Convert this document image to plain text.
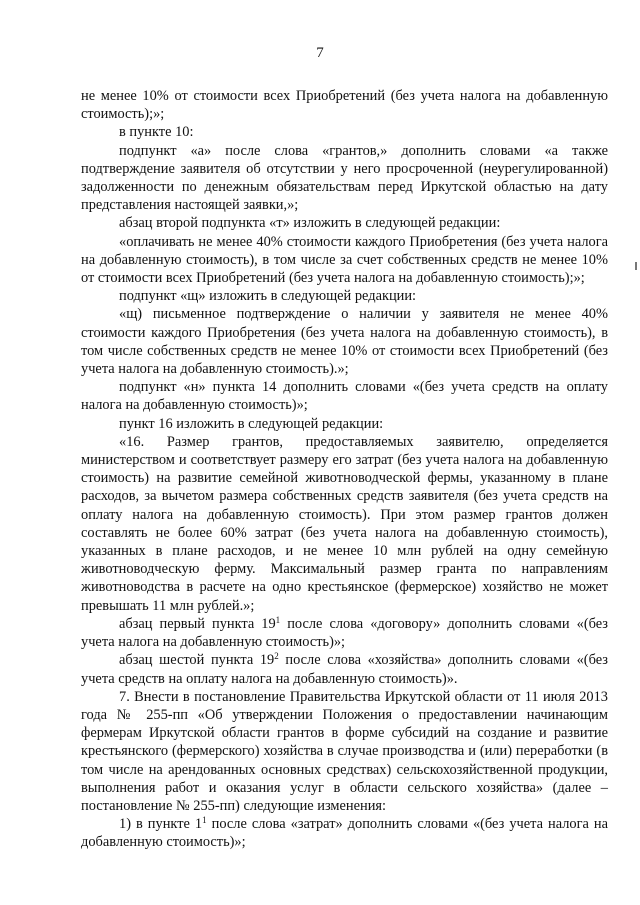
7

не менее 10% от стоимости всех Приобретений (без учета налога на добавленную стоимость);»;

в пункте 10:

подпункт «а» после слова «грантов,» дополнить словами «а также подтверждение заявителя об отсутствии у него просроченной (неурегулированной) задолженности по денежным обязательствам перед Иркутской областью на дату представления настоящей заявки,»;

абзац второй подпункта «т» изложить в следующей редакции:

«оплачивать не менее 40% стоимости каждого Приобретения (без учета налога на добавленную стоимость), в том числе за счет собственных средств не менее 10% от стоимости всех Приобретений (без учета налога на добавленную стоимость);»;

подпункт «щ» изложить в следующей редакции:

«щ) письменное подтверждение о наличии у заявителя не менее 40% стоимости каждого Приобретения (без учета налога на добавленную стоимость), в том числе собственных средств не менее 10% от стоимости всех Приобретений (без учета налога на добавленную стоимость).»;

подпункт «н» пункта 14 дополнить словами «(без учета средств на оплату налога на добавленную стоимость)»;

пункт 16 изложить в следующей редакции:

«16. Размер грантов, предоставляемых заявителю, определяется министерством и соответствует размеру его затрат (без учета налога на добавленную стоимость) на развитие семейной животноводческой фермы, указанному в плане расходов, за вычетом размера собственных средств заявителя (без учета средств на оплату налога на добавленную стоимость). При этом размер грантов должен составлять не более 60% затрат (без учета налога на добавленную стоимость), указанных в плане расходов, и не менее 10 млн рублей на одну семейную животноводческую ферму. Максимальный размер гранта по направлениям животноводства в расчете на одно крестьянское (фермерское) хозяйство не может превышать 11 млн рублей.»;

абзац первый пункта $19^1$ после слова «договору» дополнить словами «(без учета налога на добавленную стоимость)»;

абзац шестой пункта $19^2$ после слова «хозяйства» дополнить словами «(без учета средств на оплату налога на добавленную стоимость)».

7. Внести в постановление Правительства Иркутской области от 11 июля 2013 года № 255-пп «Об утверждении Положения о предоставлении начинающим фермерам Иркутской области грантов в форме субсидий на создание и развитие крестьянского (фермерского) хозяйства в случае производства и (или) переработки (в том числе на арендованных основных средствах) сельскохозяйственной продукции, выполнения работ и оказания услуг в области сельского хозяйства» (далее – постановление № 255-пп) следующие изменения:

1) в пункте $1^1$ после слова «затрат» дополнить словами «(без учета налога на добавленную стоимость)»;
